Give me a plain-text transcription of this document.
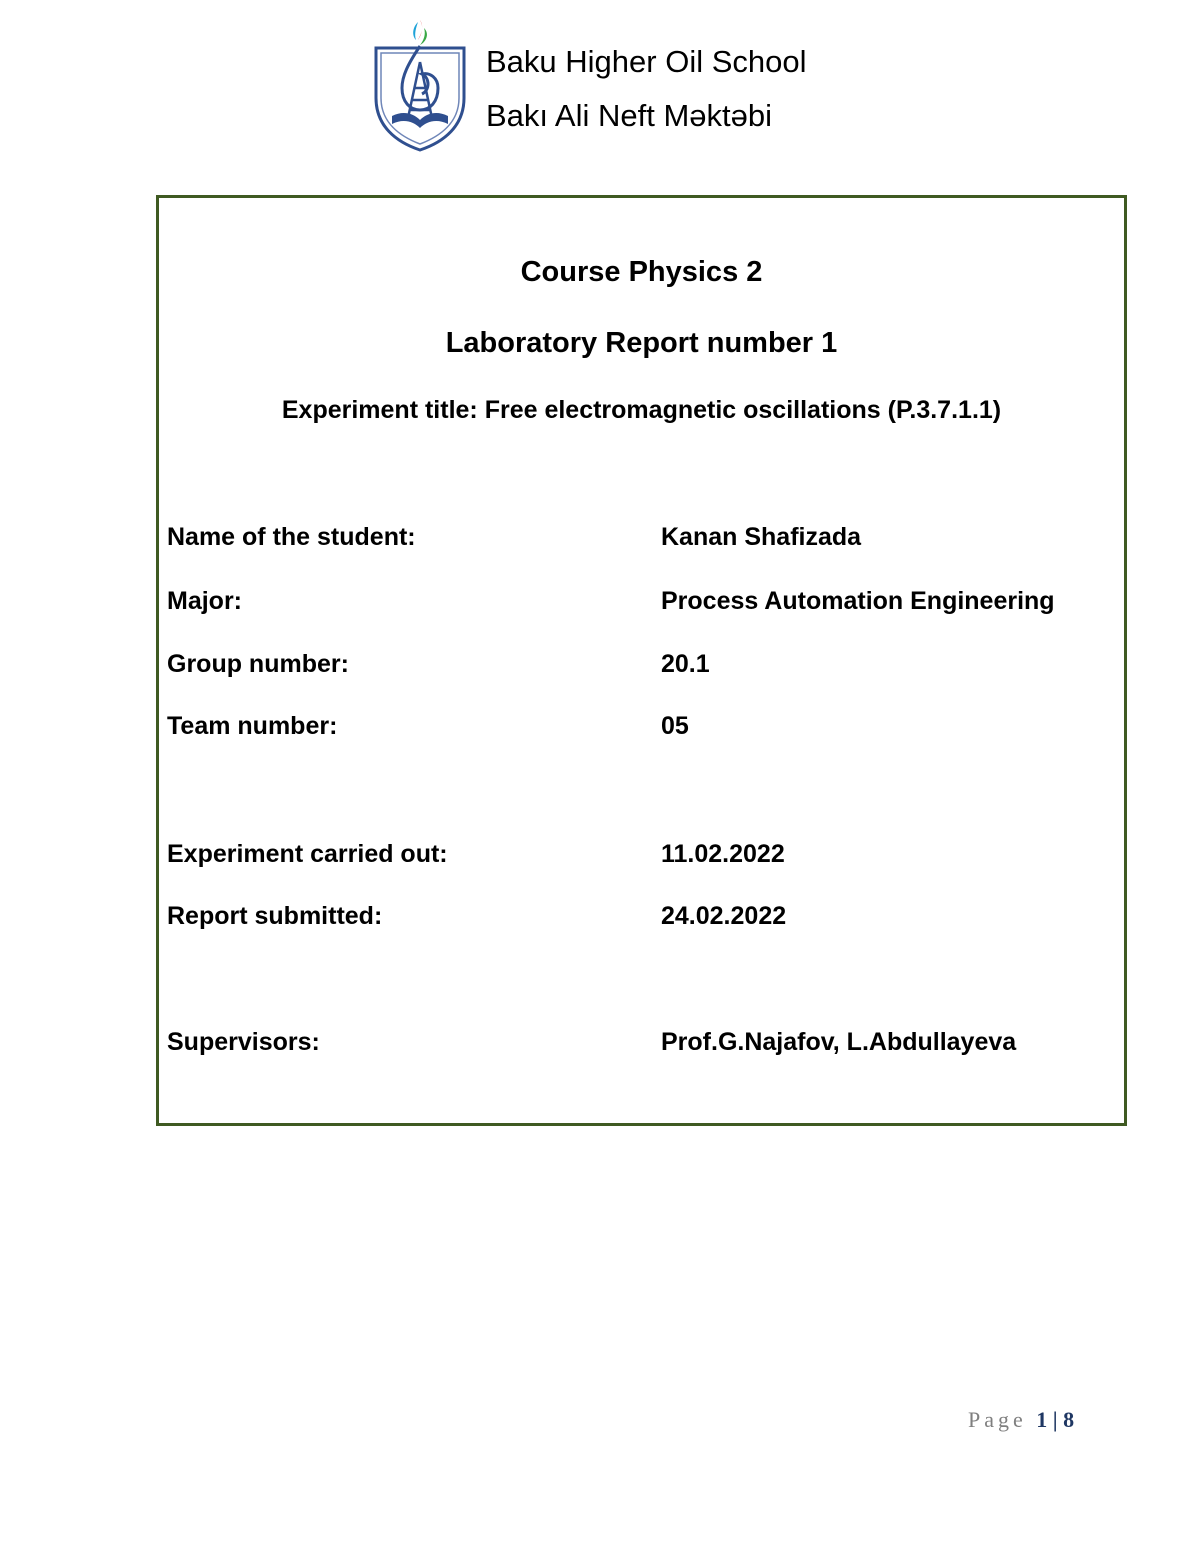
Baku Higher Oil School
Bakı Ali Neft Məktəbi
Course Physics 2
Laboratory Report number 1
Experiment title: Free electromagnetic oscillations (P.3.7.1.1)
Name of the student:	Kanan Shafizada
Major:	Process Automation Engineering
Group number:	20.1
Team number:	05
Experiment carried out:	11.02.2022
Report submitted:	24.02.2022
Supervisors:	Prof.G.Najafov, L.Abdullayeva
Page 1 | 8
